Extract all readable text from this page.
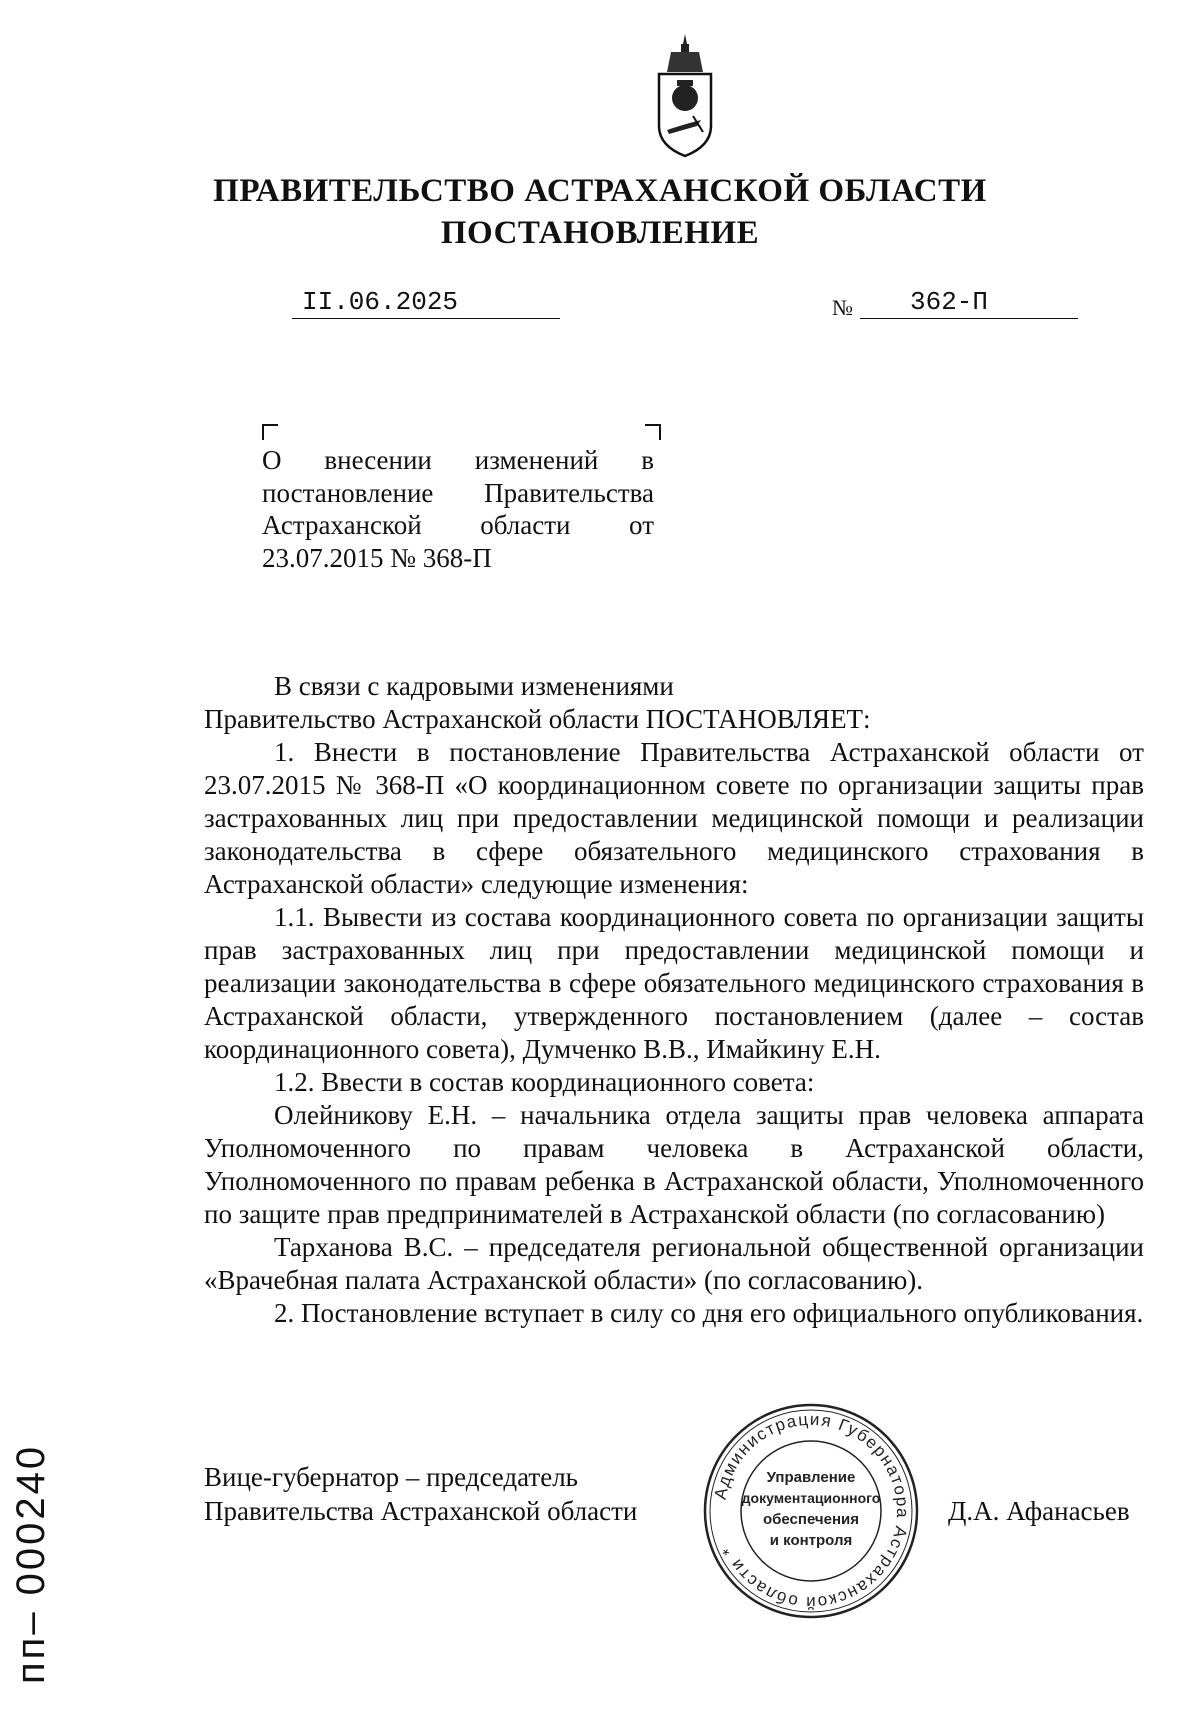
ПРАВИТЕЛЬСТВО АСТРАХАНСКОЙ ОБЛАСТИ
ПОСТАНОВЛЕНИЕ
II.06.2025	№	362-П

О внесении изменений в постановление Правительства Астраханской области от 23.07.2015 № 368-П

В связи с кадровыми изменениями

Правительство Астраханской области ПОСТАНОВЛЯЕТ:

1. Внести в постановление Правительства Астраханской области от 23.07.2015 № 368-П «О координационном совете по организации защиты прав застрахованных лиц при предоставлении медицинской помощи и реализации законодательства в сфере обязательного медицинского страхования в Астраханской области» следующие изменения:

1.1. Вывести из состава координационного совета по организации защиты прав застрахованных лиц при предоставлении медицинской помощи и реализации законодательства в сфере обязательного медицинского страхования в Астраханской области, утвержденного постановлением (далее – состав координационного совета), Думченко В.В., Имайкину Е.Н.

1.2. Ввести в состав координационного совета:

Олейникову Е.Н. – начальника отдела защиты прав человека аппарата Уполномоченного по правам человека в Астраханской области, Уполномоченного по правам ребенка в Астраханской области, Уполномоченного по защите прав предпринимателей в Астраханской области (по согласованию)

Тарханова В.С. – председателя региональной общественной организации «Врачебная палата Астраханской области» (по согласованию).

2. Постановление вступает в силу со дня его официального опубликования.

Вице-губернатор – председатель
Правительства Астраханской области	Д.А. Афанасьев
Администрация Губернатора Астраханской области *
Управление
документационного
обеспечения
и контроля
пп– 000240
